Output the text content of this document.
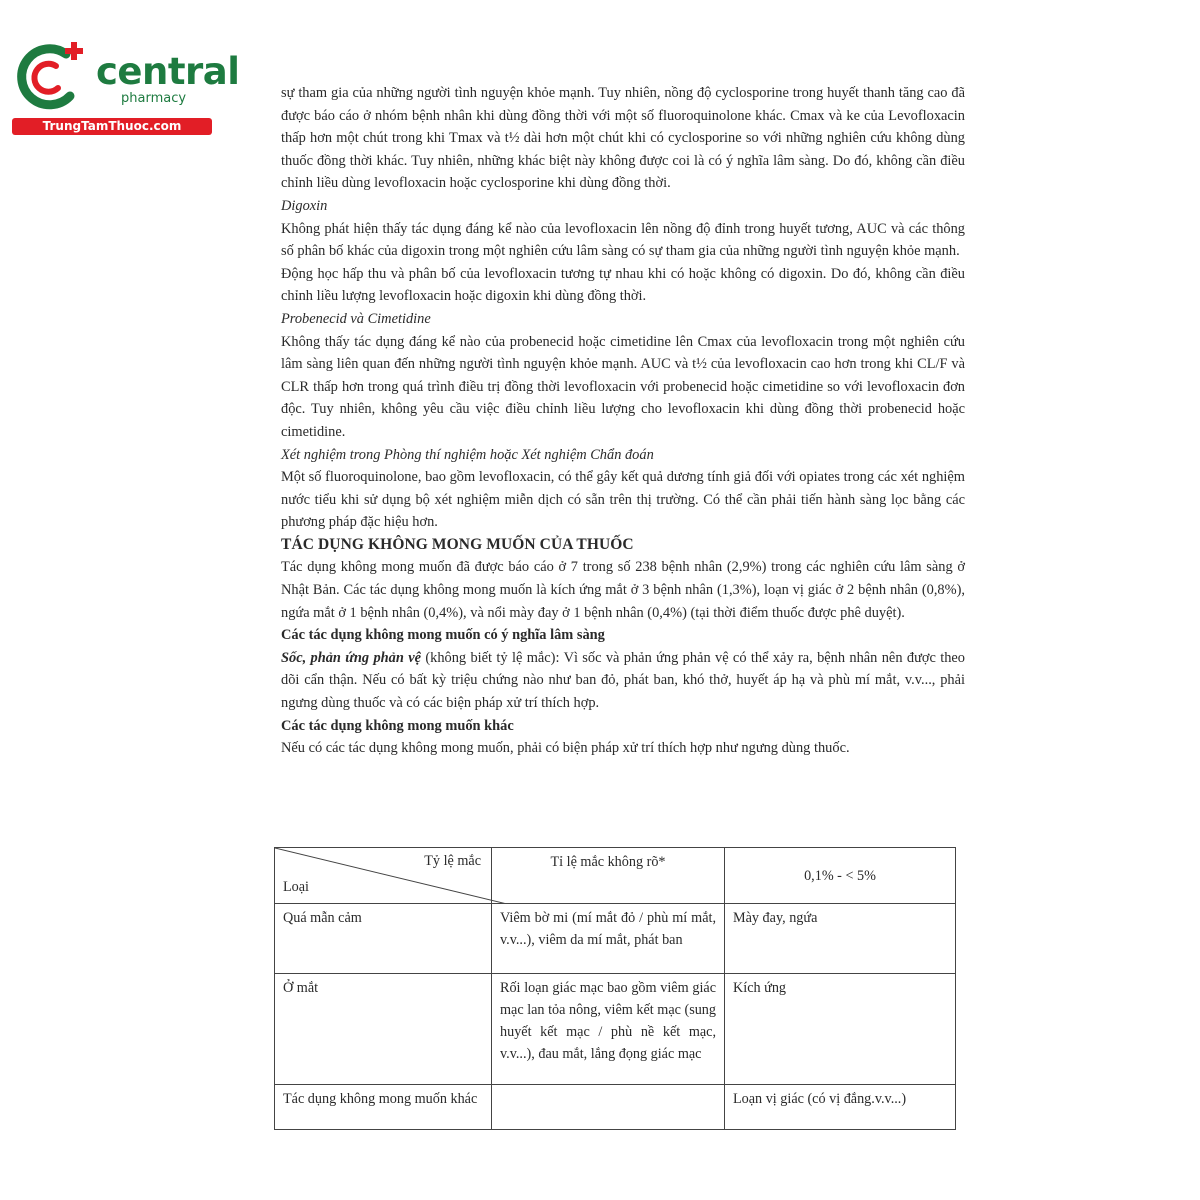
central
pharmacy
TrungTamThuoc.com

sự tham gia của những người tình nguyện khỏe mạnh. Tuy nhiên, nồng độ cyclosporine trong huyết thanh tăng cao đã được báo cáo ở nhóm bệnh nhân khi dùng đồng thời với một số fluoroquinolone khác. Cmax và ke của Levofloxacin thấp hơn một chút trong khi Tmax và t½ dài hơn một chút khi có cyclosporine so với những nghiên cứu không dùng thuốc đồng thời khác. Tuy nhiên, những khác biệt này không được coi là có ý nghĩa lâm sàng. Do đó, không cần điều chỉnh liều dùng levofloxacin hoặc cyclosporine khi dùng đồng thời.

Digoxin

Không phát hiện thấy tác dụng đáng kể nào của levofloxacin lên nồng độ đỉnh trong huyết tương, AUC và các thông số phân bố khác của digoxin trong một nghiên cứu lâm sàng có sự tham gia của những người tình nguyện khỏe mạnh.

Động học hấp thu và phân bố của levofloxacin tương tự nhau khi có hoặc không có digoxin. Do đó, không cần điều chỉnh liều lượng levofloxacin hoặc digoxin khi dùng đồng thời.

Probenecid và Cimetidine

Không thấy tác dụng đáng kể nào của probenecid hoặc cimetidine lên Cmax của levofloxacin trong một nghiên cứu lâm sàng liên quan đến những người tình nguyện khỏe mạnh. AUC và t½ của levofloxacin cao hơn trong khi CL/F và CLR thấp hơn trong quá trình điều trị đồng thời levofloxacin với probenecid hoặc cimetidine so với levofloxacin đơn độc. Tuy nhiên, không yêu cầu việc điều chỉnh liều lượng cho levofloxacin khi dùng đồng thời probenecid hoặc cimetidine.

Xét nghiệm trong Phòng thí nghiệm hoặc Xét nghiệm Chẩn đoán

Một số fluoroquinolone, bao gồm levofloxacin, có thể gây kết quả dương tính giả đối với opiates trong các xét nghiệm nước tiểu khi sử dụng bộ xét nghiệm miễn dịch có sẵn trên thị trường. Có thể cần phải tiến hành sàng lọc bằng các phương pháp đặc hiệu hơn.

TÁC DỤNG KHÔNG MONG MUỐN CỦA THUỐC

Tác dụng không mong muốn đã được báo cáo ở 7 trong số 238 bệnh nhân (2,9%) trong các nghiên cứu lâm sàng ở Nhật Bản. Các tác dụng không mong muốn là kích ứng mắt ở 3 bệnh nhân (1,3%), loạn vị giác ở 2 bệnh nhân (0,8%), ngứa mắt ở 1 bệnh nhân (0,4%), và nổi mày đay ở 1 bệnh nhân (0,4%) (tại thời điểm thuốc được phê duyệt).

Các tác dụng không mong muốn có ý nghĩa lâm sàng

Sốc, phản ứng phản vệ (không biết tỷ lệ mắc): Vì sốc và phản ứng phản vệ có thể xảy ra, bệnh nhân nên được theo dõi cẩn thận. Nếu có bất kỳ triệu chứng nào như ban đỏ, phát ban, khó thở, huyết áp hạ và phù mí mắt, v.v..., phải ngưng dùng thuốc và có các biện pháp xử trí thích hợp.

Các tác dụng không mong muốn khác

Nếu có các tác dụng không mong muốn, phải có biện pháp xử trí thích hợp như ngưng dùng thuốc.

Tỷ lệ mắc
Loại	Tỉ lệ mắc không rõ*	0,1% - < 5%
Quá mẫn cảm	Viêm bờ mi (mí mắt đỏ / phù mí mắt, v.v...), viêm da mí mắt, phát ban	Mày đay, ngứa
Ở mắt	Rối loạn giác mạc bao gồm viêm giác mạc lan tỏa nông, viêm kết mạc (sung huyết kết mạc / phù nề kết mạc, v.v...), đau mắt, lắng đọng giác mạc	Kích ứng
Tác dụng không mong muốn khác		Loạn vị giác (có vị đắng.v.v...)
